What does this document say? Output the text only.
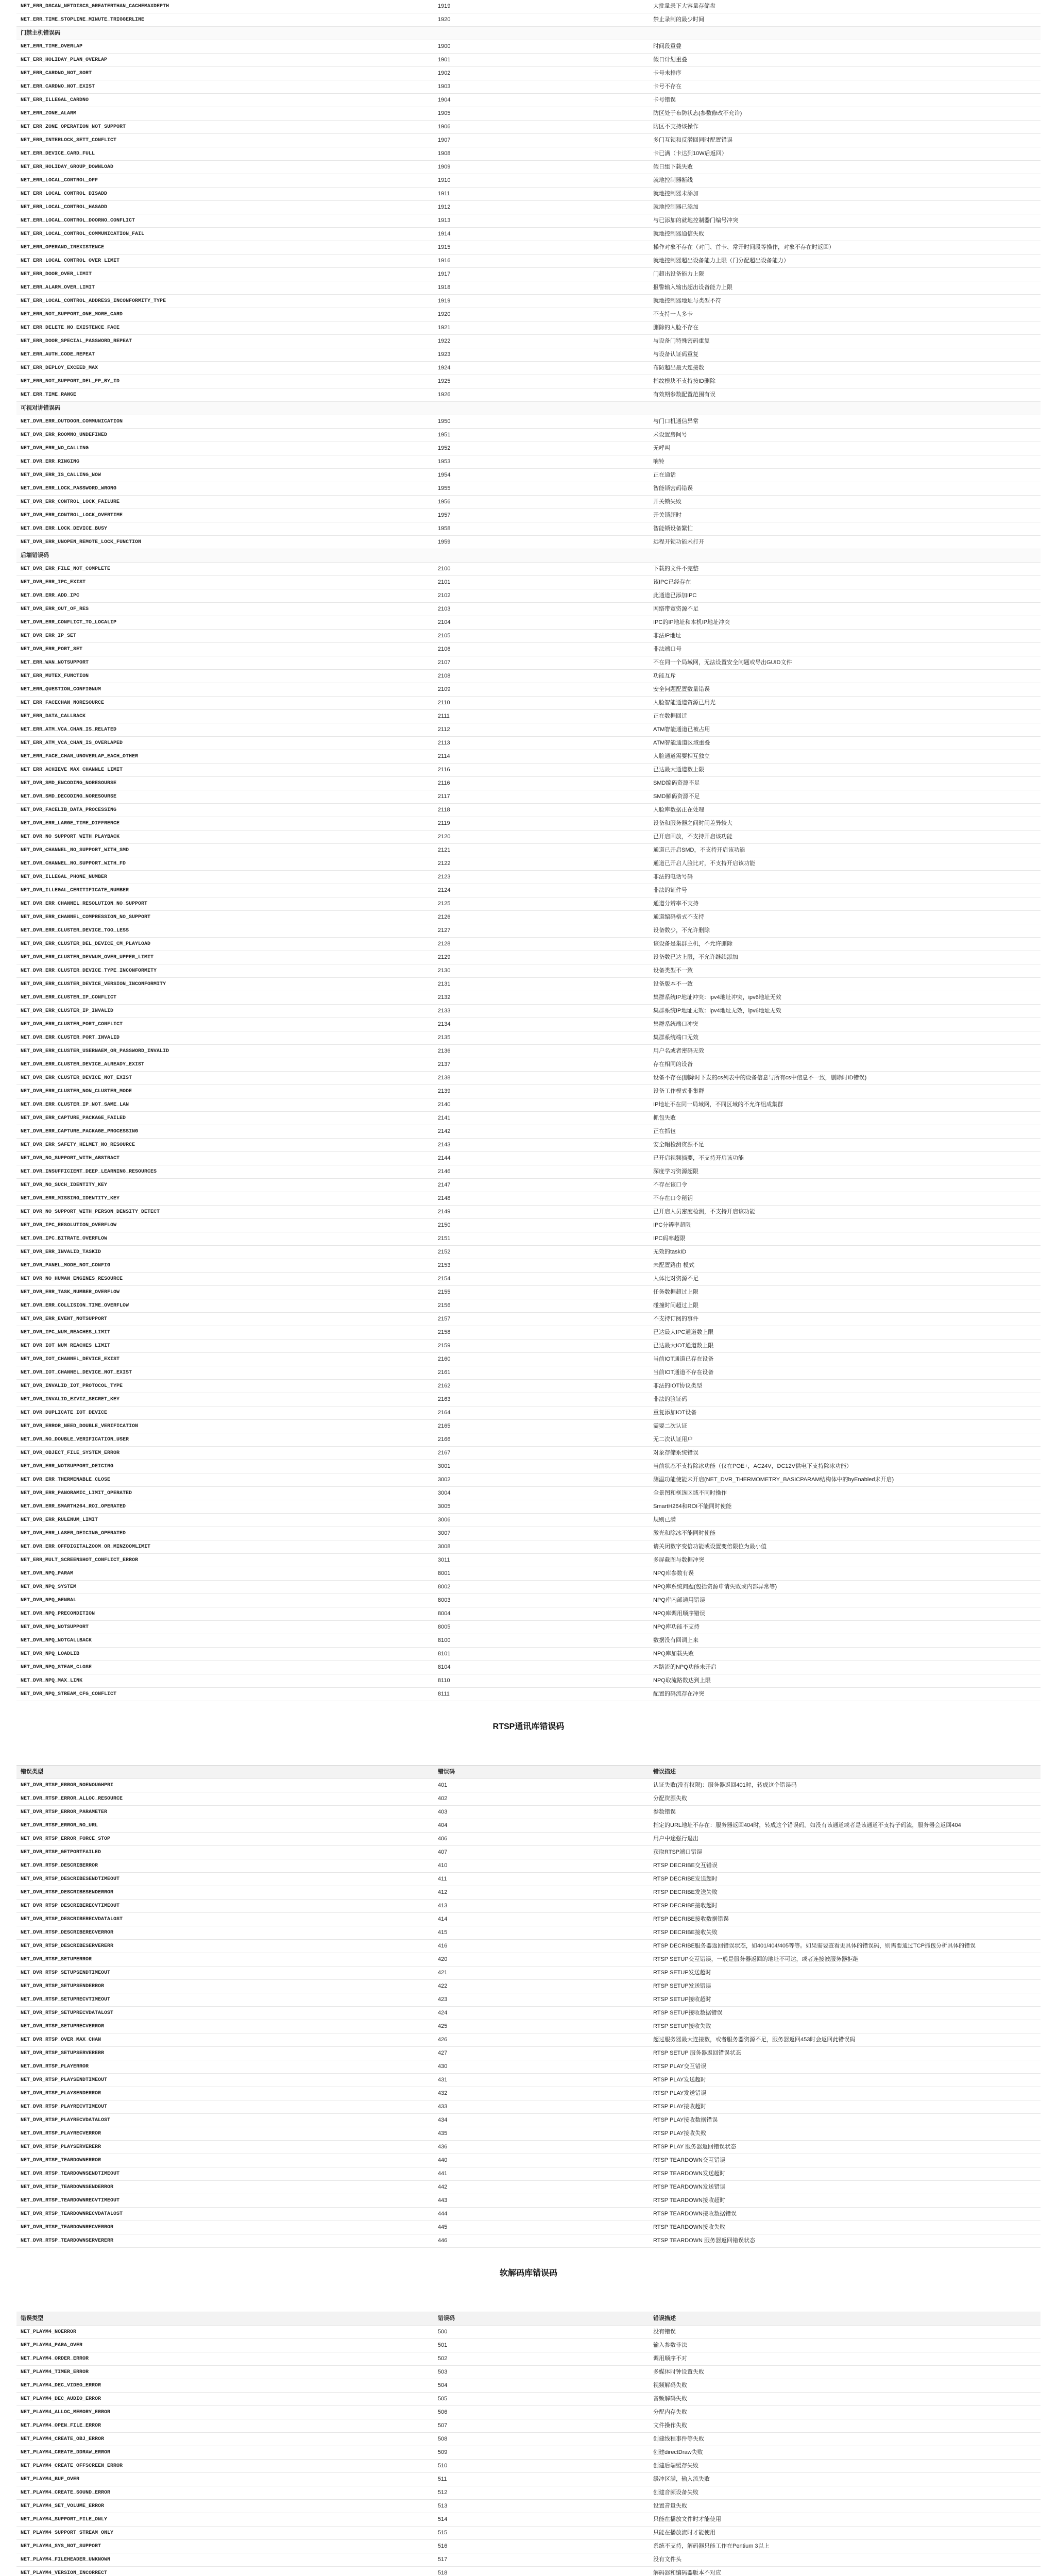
NET_ERR_DSCAN_NETDISCS_GREATERTHAN_CACHEMAXDEPTH	1919	大批量录下大容量存储盘
NET_ERR_TIME_STOPLINE_MINUTE_TRIGGERLINE	1920	禁止录制的最少时间
门禁主机错误码		
NET_ERR_TIME_OVERLAP	1900	时间段重叠
NET_ERR_HOLIDAY_PLAN_OVERLAP	1901	假日计划重叠
NET_ERR_CARDNO_NOT_SORT	1902	卡号未排序
NET_ERR_CARDNO_NOT_EXIST	1903	卡号不存在
NET_ERR_ILLEGAL_CARDNO	1904	卡号错误
NET_ERR_ZONE_ALARM	1905	防区处于布防状态(参数修改不允许)
NET_ERR_ZONE_OPERATION_NOT_SUPPORT	1906	防区不支持该操作
NET_ERR_INTERLOCK_SETT_CONFLICT	1907	多门互锁和反潜回同时配置错误
NET_ERR_DEVICE_CARD_FULL	1908	卡已满（卡达到10W后返回）
NET_ERR_HOLIDAY_GROUP_DOWNLOAD	1909	假日组下载失败
NET_ERR_LOCAL_CONTROL_OFF	1910	就地控制器断线
NET_ERR_LOCAL_CONTROL_DISADD	1911	就地控制器未添加
NET_ERR_LOCAL_CONTROL_HASADD	1912	就地控制器已添加
NET_ERR_LOCAL_CONTROL_DOORNO_CONFLICT	1913	与已添加的就地控制器门编号冲突
NET_ERR_LOCAL_CONTROL_COMMUNICATION_FAIL	1914	就地控制器通信失败
NET_ERR_OPERAND_INEXISTENCE	1915	操作对象不存在（对门、首卡、常开时间段等操作，对象不存在时返回）
NET_ERR_LOCAL_CONTROL_OVER_LIMIT	1916	就地控制器超出设备能力上限（门分配超出设备能力）
NET_ERR_DOOR_OVER_LIMIT	1917	门超出设备能力上限
NET_ERR_ALARM_OVER_LIMIT	1918	报警输入输出超出设备能力上限
NET_ERR_LOCAL_CONTROL_ADDRESS_INCONFORMITY_TYPE	1919	就地控制器地址与类型不符
NET_ERR_NOT_SUPPORT_ONE_MORE_CARD	1920	不支持一人多卡
NET_ERR_DELETE_NO_EXISTENCE_FACE	1921	删除的人脸不存在
NET_ERR_DOOR_SPECIAL_PASSWORD_REPEAT	1922	与设备门特殊密码重复
NET_ERR_AUTH_CODE_REPEAT	1923	与设备认证码重复
NET_ERR_DEPLOY_EXCEED_MAX	1924	布防超出最大连接数
NET_ERR_NOT_SUPPORT_DEL_FP_BY_ID	1925	指纹模块不支持按ID删除
NET_ERR_TIME_RANGE	1926	有效期参数配置范围有误
可视对讲错误码		
NET_DVR_ERR_OUTDOOR_COMMUNICATION	1950	与门口机通信异常
NET_DVR_ERR_ROOMNO_UNDEFINED	1951	未设置房间号
NET_DVR_ERR_NO_CALLING	1952	无呼叫
NET_DVR_ERR_RINGING	1953	响铃
NET_DVR_ERR_IS_CALLING_NOW	1954	正在通话
NET_DVR_ERR_LOCK_PASSWORD_WRONG	1955	智能锁密码错误
NET_DVR_ERR_CONTROL_LOCK_FAILURE	1956	开关锁失败
NET_DVR_ERR_CONTROL_LOCK_OVERTIME	1957	开关锁超时
NET_DVR_ERR_LOCK_DEVICE_BUSY	1958	智能锁设备繁忙
NET_DVR_ERR_UNOPEN_REMOTE_LOCK_FUNCTION	1959	远程开锁功能未打开
后端错误码		
NET_DVR_ERR_FILE_NOT_COMPLETE	2100	下载的文件不完整
NET_DVR_ERR_IPC_EXIST	2101	该IPC已经存在
NET_DVR_ERR_ADD_IPC	2102	此通道已添加IPC
NET_DVR_ERR_OUT_OF_RES	2103	网络带宽资源不足
NET_DVR_ERR_CONFLICT_TO_LOCALIP	2104	IPC的IP地址和本机IP地址冲突
NET_DVR_ERR_IP_SET	2105	非法IP地址
NET_DVR_ERR_PORT_SET	2106	非法端口号
NET_ERR_WAN_NOTSUPPORT	2107	不在同一个局域网，无法设置安全问题或导出GUID文件
NET_ERR_MUTEX_FUNCTION	2108	功能互斥
NET_ERR_QUESTION_CONFIGNUM	2109	安全问题配置数量错误
NET_ERR_FACECHAN_NORESOURCE	2110	人脸智能通道资源已用光
NET_ERR_DATA_CALLBACK	2111	正在数据回迁
NET_ERR_ATM_VCA_CHAN_IS_RELATED	2112	ATM智能通道已被占用
NET_ERR_ATM_VCA_CHAN_IS_OVERLAPED	2113	ATM智能通道区域重叠
NET_ERR_FACE_CHAN_UNOVERLAP_EACH_OTHER	2114	人脸通道需要相互独立
NET_ERR_ACHIEVE_MAX_CHANNLE_LIMIT	2116	已达最大通道数上限
NET_DVR_SMD_ENCODING_NORESOURSE	2116	SMD编码资源不足
NET_DVR_SMD_DECODING_NORESOURSE	2117	SMD解码资源不足
NET_DVR_FACELIB_DATA_PROCESSING	2118	人脸库数据正在处理
NET_DVR_ERR_LARGE_TIME_DIFFRENCE	2119	设备和服务器之间时间差异较大
NET_DVR_NO_SUPPORT_WITH_PLAYBACK	2120	已开启回放，不支持开启该功能
NET_DVR_CHANNEL_NO_SUPPORT_WITH_SMD	2121	通道已开启SMD，不支持开启该功能
NET_DVR_CHANNEL_NO_SUPPORT_WITH_FD	2122	通道已开启人脸比对，不支持开启该功能
NET_DVR_ILLEGAL_PHONE_NUMBER	2123	非法的电话号码
NET_DVR_ILLEGAL_CERITIFICATE_NUMBER	2124	非法的证件号
NET_DVR_ERR_CHANNEL_RESOLUTION_NO_SUPPORT	2125	通道分辨率不支持
NET_DVR_ERR_CHANNEL_COMPRESSION_NO_SUPPORT	2126	通道编码格式不支持
NET_DVR_ERR_CLUSTER_DEVICE_TOO_LESS	2127	设备数少，不允许删除
NET_DVR_ERR_CLUSTER_DEL_DEVICE_CM_PLAYLOAD	2128	该设备是集群主机，不允许删除
NET_DVR_ERR_CLUSTER_DEVNUM_OVER_UPPER_LIMIT	2129	设备数已达上限，不允许继续添加
NET_DVR_ERR_CLUSTER_DEVICE_TYPE_INCONFORMITY	2130	设备类型不一致
NET_DVR_ERR_CLUSTER_DEVICE_VERSION_INCONFORMITY	2131	设备版本不一致
NET_DVR_ERR_CLUSTER_IP_CONFLICT	2132	集群系统IP地址冲突：ipv4地址冲突，ipv6地址无效
NET_DVR_ERR_CLUSTER_IP_INVALID	2133	集群系统IP地址无效：ipv4地址无效，ipv6地址无效
NET_DVR_ERR_CLUSTER_PORT_CONFLICT	2134	集群系统端口冲突
NET_DVR_ERR_CLUSTER_PORT_INVALID	2135	集群系统端口无效
NET_DVR_ERR_CLUSTER_USERNAEM_OR_PASSWORD_INVALID	2136	用户名或者密码无效
NET_DVR_ERR_CLUSTER_DEVICE_ALREADY_EXIST	2137	存在相同的设备
NET_DVR_ERR_CLUSTER_DEVICE_NOT_EXIST	2138	设备不存在(删除时下发的cs列表中的设备信息与所有cs中信息不一致，删除时ID错误)
NET_DVR_ERR_CLUSTER_NON_CLUSTER_MODE	2139	设备工作模式非集群
NET_DVR_ERR_CLUSTER_IP_NOT_SAME_LAN	2140	IP地址不在同一局域网，不同区域的不允许组成集群
NET_DVR_ERR_CAPTURE_PACKAGE_FAILED	2141	抓包失败
NET_DVR_ERR_CAPTURE_PACKAGE_PROCESSING	2142	正在抓包
NET_DVR_ERR_SAFETY_HELMET_NO_RESOURCE	2143	安全帽检测资源不足
NET_DVR_NO_SUPPORT_WITH_ABSTRACT	2144	已开启视频摘要，不支持开启该功能
NET_DVR_INSUFFICIENT_DEEP_LEARNING_RESOURCES	2146	深度学习资源超限
NET_DVR_NO_SUCH_IDENTITY_KEY	2147	不存在该口令
NET_DVR_ERR_MISSING_IDENTITY_KEY	2148	不存在口令秘钥
NET_DVR_NO_SUPPORT_WITH_PERSON_DENSITY_DETECT	2149	已开启人员密度检测，不支持开启该功能
NET_DVR_IPC_RESOLUTION_OVERFLOW	2150	IPC分辨率超限
NET_DVR_IPC_BITRATE_OVERFLOW	2151	IPC码率超限
NET_DVR_ERR_INVALID_TASKID	2152	无效的taskID
NET_DVR_PANEL_MODE_NOT_CONFIG	2153	未配置路由 模式
NET_DVR_NO_HUMAN_ENGINES_RESOURCE	2154	人体比对资源不足
NET_DVR_ERR_TASK_NUMBER_OVERFLOW	2155	任务数据超过上限
NET_DVR_ERR_COLLISION_TIME_OVERFLOW	2156	碰撞时间超过上限
NET_DVR_ERR_EVENT_NOTSUPPORT	2157	不支持订阅的事件
NET_DVR_IPC_NUM_REACHES_LIMIT	2158	已达最大IPC通道数上限
NET_DVR_IOT_NUM_REACHES_LIMIT	2159	已达最大IOT通道数上限
NET_DVR_IOT_CHANNEL_DEVICE_EXIST	2160	当前IOT通道已存在设备
NET_DVR_IOT_CHANNEL_DEVICE_NOT_EXIST	2161	当前IOT通道不存在设备
NET_DVR_INVALID_IOT_PROTOCOL_TYPE	2162	非法的IOT协议类型
NET_DVR_INVALID_EZVIZ_SECRET_KEY	2163	非法的验证码
NET_DVR_DUPLICATE_IOT_DEVICE	2164	重复添加IOT设备
NET_DVR_ERROR_NEED_DOUBLE_VERIFICATION	2165	需要二次认证
NET_DVR_NO_DOUBLE_VERIFICATION_USER	2166	无二次认证用户
NET_DVR_OBJECT_FILE_SYSTEM_ERROR	2167	对象存储系统错误
NET_DVR_ERR_NOTSUPPORT_DEICING	3001	当前状态不支持除冰功能（仅在POE+，AC24V，DC12V供电下支持除冰功能）
NET_DVR_ERR_THERMENABLE_CLOSE	3002	测温功能使能未开启(NET_DVR_THERMOMETRY_BASICPARAM结构体中的byEnabled未开启)
NET_DVR_ERR_PANORAMIC_LIMIT_OPERATED	3004	全景图和框选区域不同时操作
NET_DVR_ERR_SMARTH264_ROI_OPERATED	3005	SmartH264和ROI不能同时使能
NET_DVR_ERR_RULENUM_LIMIT	3006	规则已满
NET_DVR_ERR_LASER_DEICING_OPERATED	3007	激光和除冰不能同时使能
NET_DVR_ERR_OFFDIGITALZOOM_OR_MINZOOMLIMIT	3008	请关闭数字变倍功能或设置变倍限位为最小值
NET_ERR_MULT_SCREENSHOT_CONFLICT_ERROR	3011	多屏截图与数据冲突
NET_DVR_NPQ_PARAM	8001	NPQ库参数有误
NET_DVR_NPQ_SYSTEM	8002	NPQ库系统问题(包括资源申请失败或内部异常等)
NET_DVR_NPQ_GENRAL	8003	NPQ库内部通用错误
NET_DVR_NPQ_PRECONDITION	8004	NPQ库调用顺序错误
NET_DVR_NPQ_NOTSUPPORT	8005	NPQ库功能不支持
NET_DVR_NPQ_NOTCALLBACK	8100	数据没有回调上来
NET_DVR_NPQ_LOADLIB	8101	NPQ库加载失败
NET_DVR_NPQ_STEAM_CLOSE	8104	本路流的NPQ功能未开启
NET_DVR_NPQ_MAX_LINK	8110	NPQ取流路数达到上限
NET_DVR_NPQ_STREAM_CFG_CONFLICT	8111	配置的码流存在冲突
RTSP通讯库错误码
错误类型	错误码	错误描述
NET_DVR_RTSP_ERROR_NOENOUGHPRI	401	认证失败(没有权限)：服务器返回401时，转成这个错误码
NET_DVR_RTSP_ERROR_ALLOC_RESOURCE	402	分配资源失败
NET_DVR_RTSP_ERROR_PARAMETER	403	参数错误
NET_DVR_RTSP_ERROR_NO_URL	404	指定的URL地址不存在：服务器返回404时，转成这个错误码。如没有该通道或者是该通道不支持子码流，服务器会返回404
NET_DVR_RTSP_ERROR_FORCE_STOP	406	用户中途强行退出
NET_DVR_RTSP_GETPORTFAILED	407	获取RTSP端口错误
NET_DVR_RTSP_DESCRIBERROR	410	RTSP DECRIBE交互错误
NET_DVR_RTSP_DESCRIBESENDTIMEOUT	411	RTSP DECRIBE发送超时
NET_DVR_RTSP_DESCRIBESENDERROR	412	RTSP DECRIBE发送失败
NET_DVR_RTSP_DESCRIBERECVTIMEOUT	413	RTSP DECRIBE接收超时
NET_DVR_RTSP_DESCRIBERECVDATALOST	414	RTSP DECRIBE接收数据错误
NET_DVR_RTSP_DESCRIBERECVERROR	415	RTSP DECRIBE接收失败
NET_DVR_RTSP_DESCRIBESERVERERR	416	RTSP DECRIBE服务器返回错误状态，如401/404/405等等。如果需要查看更具体的错误码，则需要通过TCP抓包分析具体的错误
NET_DVR_RTSP_SETUPERROR	420	RTSP SETUP交互错误，一般是服务器返回的地址不可达，或者连接被服务器拒绝
NET_DVR_RTSP_SETUPSENDTIMEOUT	421	RTSP SETUP发送超时
NET_DVR_RTSP_SETUPSENDERROR	422	RTSP SETUP发送错误
NET_DVR_RTSP_SETUPRECVTIMEOUT	423	RTSP SETUP接收超时
NET_DVR_RTSP_SETUPRECVDATALOST	424	RTSP SETUP接收数据错误
NET_DVR_RTSP_SETUPRECVERROR	425	RTSP SETUP接收失败
NET_DVR_RTSP_OVER_MAX_CHAN	426	超过服务器最大连接数，或者服务器资源不足，服务器返回453时会返回此错误码
NET_DVR_RTSP_SETUPSERVERERR	427	RTSP SETUP 服务器返回错误状态
NET_DVR_RTSP_PLAYERROR	430	RTSP PLAY交互错误
NET_DVR_RTSP_PLAYSENDTIMEOUT	431	RTSP PLAY发送超时
NET_DVR_RTSP_PLAYSENDERROR	432	RTSP PLAY发送错误
NET_DVR_RTSP_PLAYRECVTIMEOUT	433	RTSP PLAY接收超时
NET_DVR_RTSP_PLAYRECVDATALOST	434	RTSP PLAY接收数据错误
NET_DVR_RTSP_PLAYRECVERROR	435	RTSP PLAY接收失败
NET_DVR_RTSP_PLAYSERVERERR	436	RTSP PLAY 服务器返回错误状态
NET_DVR_RTSP_TEARDOWNERROR	440	RTSP TEARDOWN交互错误
NET_DVR_RTSP_TEARDOWNSENDTIMEOUT	441	RTSP TEARDOWN发送超时
NET_DVR_RTSP_TEARDOWNSENDERROR	442	RTSP TEARDOWN发送错误
NET_DVR_RTSP_TEARDOWNRECVTIMEOUT	443	RTSP TEARDOWN接收超时
NET_DVR_RTSP_TEARDOWNRECVDATALOST	444	RTSP TEARDOWN接收数据错误
NET_DVR_RTSP_TEARDOWNRECVERROR	445	RTSP TEARDOWN接收失败
NET_DVR_RTSP_TEARDOWNSERVERERR	446	RTSP TEARDOWN 服务器返回错误状态
软解码库错误码
错误类型	错误码	错误描述
NET_PLAYM4_NOERROR	500	没有错误
NET_PLAYM4_PARA_OVER	501	输入参数非法
NET_PLAYM4_ORDER_ERROR	502	调用顺序不对
NET_PLAYM4_TIMER_ERROR	503	多媒体时钟设置失败
NET_PLAYM4_DEC_VIDEO_ERROR	504	视频解码失败
NET_PLAYM4_DEC_AUDIO_ERROR	505	音频解码失败
NET_PLAYM4_ALLOC_MEMORY_ERROR	506	分配内存失败
NET_PLAYM4_OPEN_FILE_ERROR	507	文件操作失败
NET_PLAYM4_CREATE_OBJ_ERROR	508	创建线程事件等失败
NET_PLAYM4_CREATE_DDRAW_ERROR	509	创建directDraw失败
NET_PLAYM4_CREATE_OFFSCREEN_ERROR	510	创建后端缓存失败
NET_PLAYM4_BUF_OVER	511	缓冲区满，输入流失败
NET_PLAYM4_CREATE_SOUND_ERROR	512	创建音频设备失败
NET_PLAYM4_SET_VOLUME_ERROR	513	设置音量失败
NET_PLAYM4_SUPPORT_FILE_ONLY	514	只能在播放文件时才能使用
NET_PLAYM4_SUPPORT_STREAM_ONLY	515	只能在播放流时才能使用
NET_PLAYM4_SYS_NOT_SUPPORT	516	系统不支持，解码器只能工作在Pentium 3以上
NET_PLAYM4_FILEHEADER_UNKNOWN	517	没有文件头
NET_PLAYM4_VERSION_INCORRECT	518	解码器和编码器版本不对应
